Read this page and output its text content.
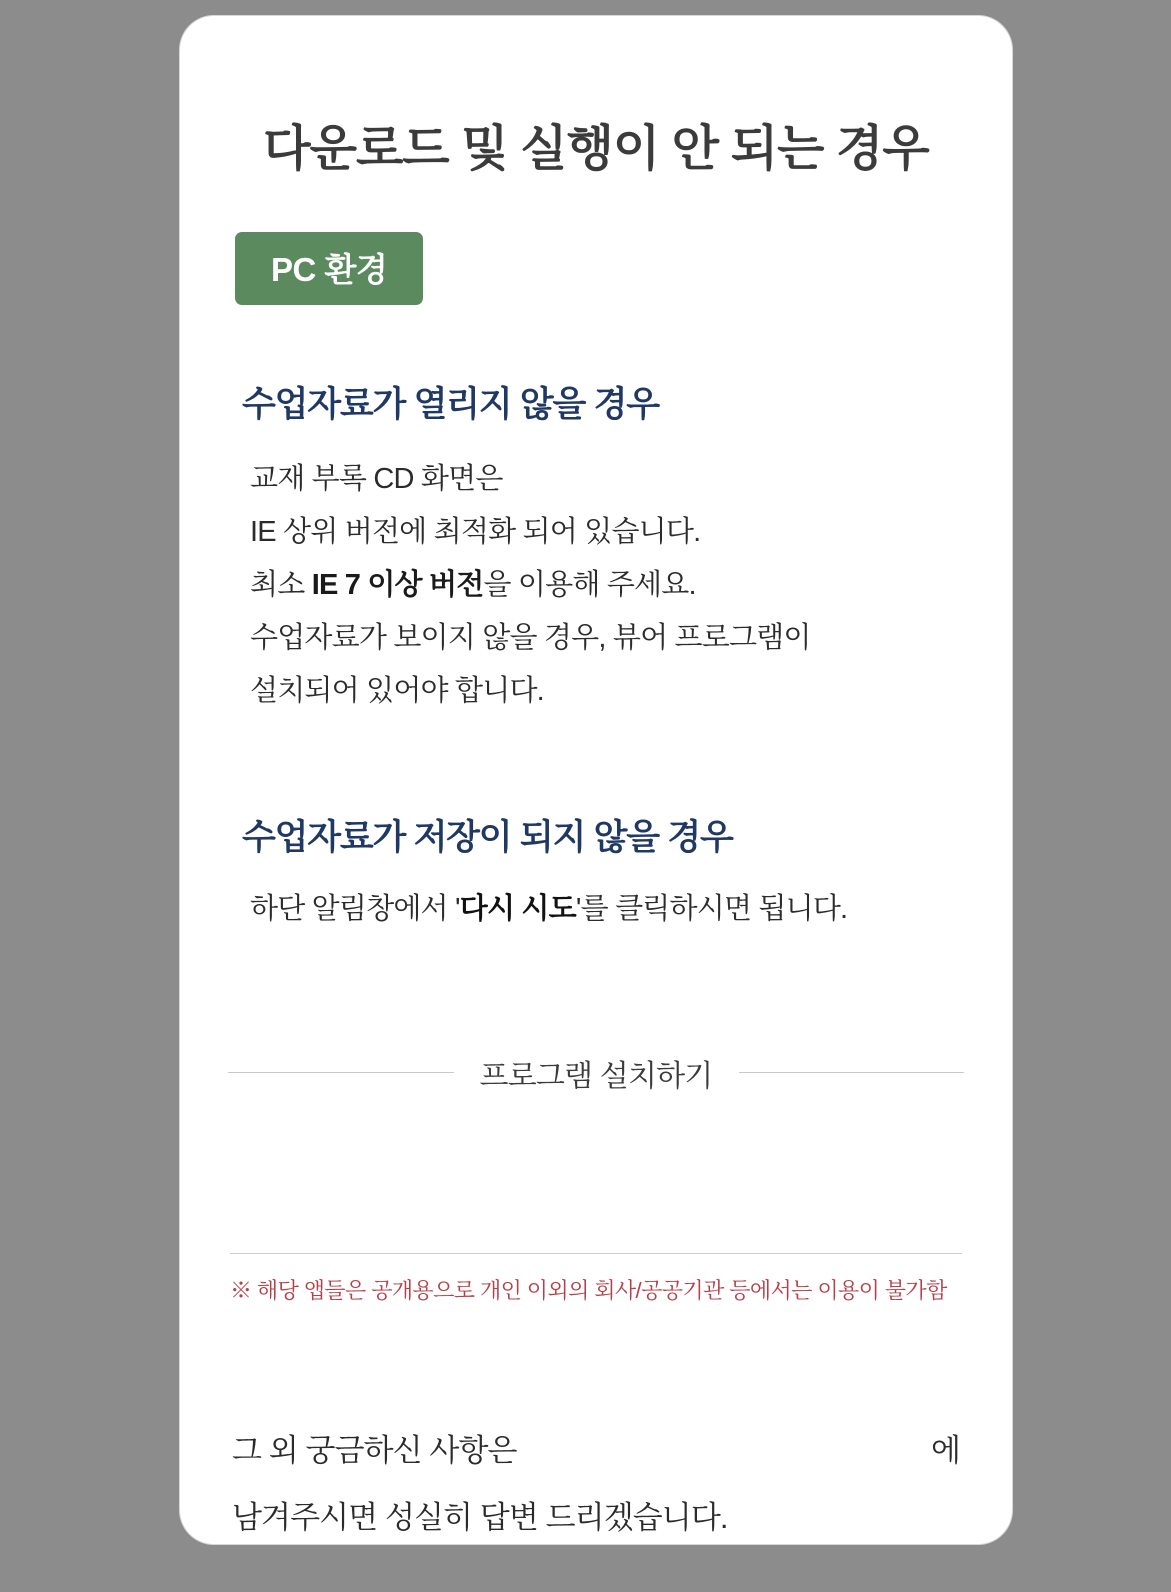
다운로드 및 실행이 안 되는 경우
PC 환경
수업자료가 열리지 않을 경우
교재 부록 CD 화면은
IE 상위 버전에 최적화 되어 있습니다.
최소 IE 7 이상 버전을 이용해 주세요.
수업자료가 보이지 않을 경우, 뷰어 프로그램이
설치되어 있어야 합니다.
수업자료가 저장이 되지 않을 경우
하단 알림창에서 '다시 시도'를 클릭하시면 됩니다.
프로그램 설치하기
※ 해당 앱들은 공개용으로 개인 이외의 회사/공공기관 등에서는 이용이 불가함
그 외 궁금하신 사항은	에
남겨주시면 성실히 답변 드리겠습니다.
